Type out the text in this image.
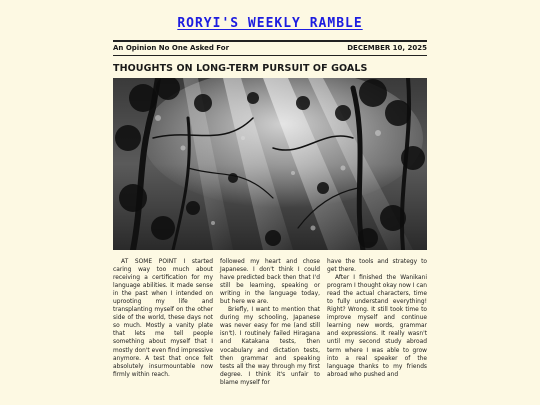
RORYI'S WEEKLY RAMBLE
An Opinion No One Asked For	DECEMBER 10, 2025
THOUGHTS ON LONG-TERM PURSUIT OF GOALS

AT SOME POINT I started caring way too much about receiving a certification for my language abilities. It made sense in the past when I intended on uprooting my life and transplanting myself on the other side of the world, these days not so much. Mostly a vanity plate that lets me tell people something about myself that I mostly don't even find impressive anymore. A test that once felt absolutely insurmountable now firmly within reach.

followed my heart and chose Japanese. I don't think I could have predicted back then that I'd still be learning, speaking or writing in the language today, but here we are.

Briefly, I want to mention that during my schooling, Japanese was never easy for me (and still isn't). I routinely failed Hiragana and Katakana tests, then vocabulary and dictation tests, then grammar and speaking tests all the way through my first degree. I think it's unfair to blame myself for

have the tools and strategy to get there.

After I finished the Wanikani program I thought okay now I can read the actual characters, time to fully understand everything! Right? Wrong. It still took time to improve myself and continue learning new words, grammar and expressions. It really wasn't until my second study abroad term where I was able to grow into a real speaker of the language thanks to my friends abroad who pushed and
